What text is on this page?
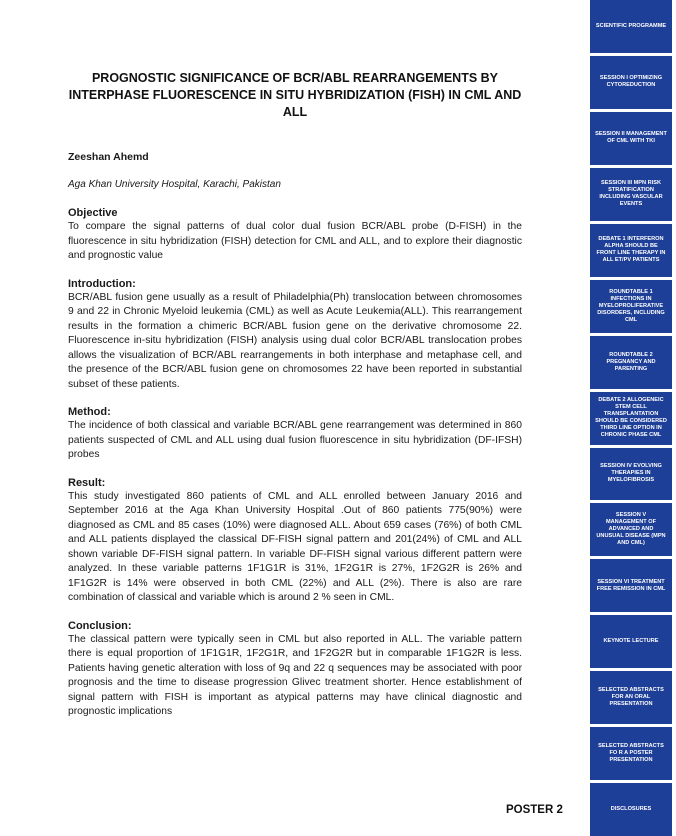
PROGNOSTIC SIGNIFICANCE OF BCR/ABL REARRANGEMENTS BY INTERPHASE FLUORESCENCE IN SITU HYBRIDIZATION (FISH) IN CML AND ALL

Zeeshan Ahemd

Aga Khan University Hospital, Karachi, Pakistan

Objective

To compare the signal patterns of dual color dual fusion BCR/ABL probe (D-FISH) in the fluorescence in situ hybridization (FISH) detection for CML and ALL, and to explore their diagnostic and prognostic value

Introduction:

BCR/ABL fusion gene usually as a result of Philadelphia(Ph) translocation between chromosomes 9 and 22 in Chronic Myeloid leukemia (CML) as well as Acute Leukemia(ALL). This rearrangement results in the formation a chimeric BCR/ABL fusion gene on the derivative chromosome 22. Fluorescence in-situ hybridization (FISH) analysis using dual color BCR/ABL translocation probes allows the visualization of BCR/ABL rearrangements in both interphase and metaphase cell, and the presence of the BCR/ABL fusion gene on chromosomes 22 have been reported in substantial subset of these patients.

Method:

The incidence of both classical and variable BCR/ABL gene rearrangement was determined in 860 patients suspected of CML and ALL using dual fusion fluorescence in situ hybridization (DF-IFSH) probes

Result:

This study investigated 860 patients of CML and ALL enrolled between January 2016 and September 2016 at the Aga Khan University Hospital .Out of 860 patients 775(90%) were diagnosed as CML and 85 cases (10%) were diagnosed ALL. About 659 cases (76%) of both CML and ALL patients displayed the classical DF-FISH signal pattern and 201(24%) of CML and ALL shown variable DF-FISH signal pattern. In variable DF-FISH signal various different pattern were analyzed. In these variable patterns 1F1G1R is 31%, 1F2G1R is 27%, 1F2G2R is 26% and 1F1G2R is 14% were observed in both CML (22%) and ALL (2%). There is also are rare combination of classical and variable which is around 2 % seen in CML.

Conclusion:

The classical pattern were typically seen in CML but also reported in ALL. The variable pattern there is equal proportion of 1F1G1R, 1F2G1R, and 1F2G2R but in comparable 1F1G2R is less. Patients having genetic alteration with loss of 9q and 22 q sequences may be associated with poor prognosis and the time to disease progression Glivec treatment shorter. Hence establishment of signal pattern with FISH is important as atypical patterns may have clinical diagnostic and prognostic implications

POSTER 2
SCIENTIFIC PROGRAMME
SESSION I OPTIMIZING CYTOREDUCTION
SESSION II MANAGEMENT OF CML WITH TKI
SESSION III MPN RISK STRATIFICATION INCLUDING VASCULAR EVENTS
DEBATE 1 INTERFERON ALPHA SHOULD BE FRONT LINE THERAPY IN ALL ET/PV PATIENTS
ROUNDTABLE 1 INFECTIONS IN MYELOPROLIFERATIVE DISORDERS, INCLUDING CML
ROUNDTABLE 2 PREGNANCY AND PARENTING
DEBATE 2 ALLOGENEIC STEM CELL TRANSPLANTATION SHOULD BE CONSIDERED THIRD LINE OPTION IN CHRONIC PHASE CML
SESSION IV EVOLVING THERAPIES IN MYELOFIBROSIS
SESSION V MANAGEMENT OF ADVANCED AND UNUSUAL DISEASE (MPN AND CML)
SESSION VI TREATMENT FREE REMISSION IN CML
KEYNOTE LECTURE
SELECTED ABSTRACTS FOR AN ORAL PRESENTATION
SELECTED ABSTRACTS FO R A POSTER PRESENTATION
DISCLOSURES
